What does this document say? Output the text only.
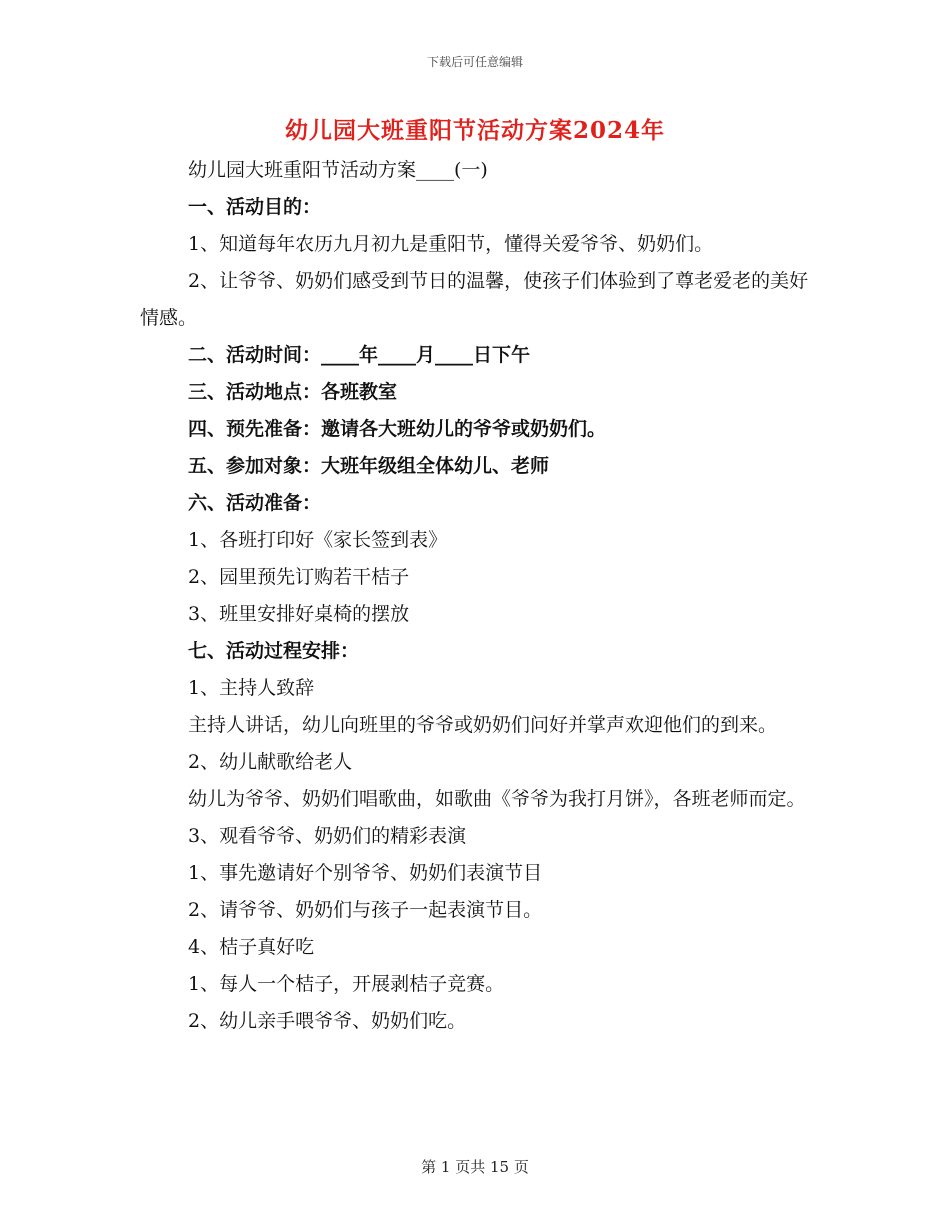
下载后可任意编辑
幼儿园大班重阳节活动方案2024年

幼儿园大班重阳节活动方案____(一)

一、活动目的：

1、知道每年农历九月初九是重阳节，懂得关爱爷爷、奶奶们。

2、让爷爷、奶奶们感受到节日的温馨，使孩子们体验到了尊老爱老的美好情感。

二、活动时间：____年____月____日下午

三、活动地点：各班教室

四、预先准备：邀请各大班幼儿的爷爷或奶奶们。

五、参加对象：大班年级组全体幼儿、老师

六、活动准备：

1、各班打印好《家长签到表》

2、园里预先订购若干桔子

3、班里安排好桌椅的摆放

七、活动过程安排：

1、主持人致辞

主持人讲话，幼儿向班里的爷爷或奶奶们问好并掌声欢迎他们的到来。

2、幼儿献歌给老人

幼儿为爷爷、奶奶们唱歌曲，如歌曲《爷爷为我打月饼》，各班老师而定。

3、观看爷爷、奶奶们的精彩表演

1、事先邀请好个别爷爷、奶奶们表演节目

2、请爷爷、奶奶们与孩子一起表演节目。

4、桔子真好吃

1、每人一个桔子，开展剥桔子竞赛。

2、幼儿亲手喂爷爷、奶奶们吃。

第 1 页共 15 页
